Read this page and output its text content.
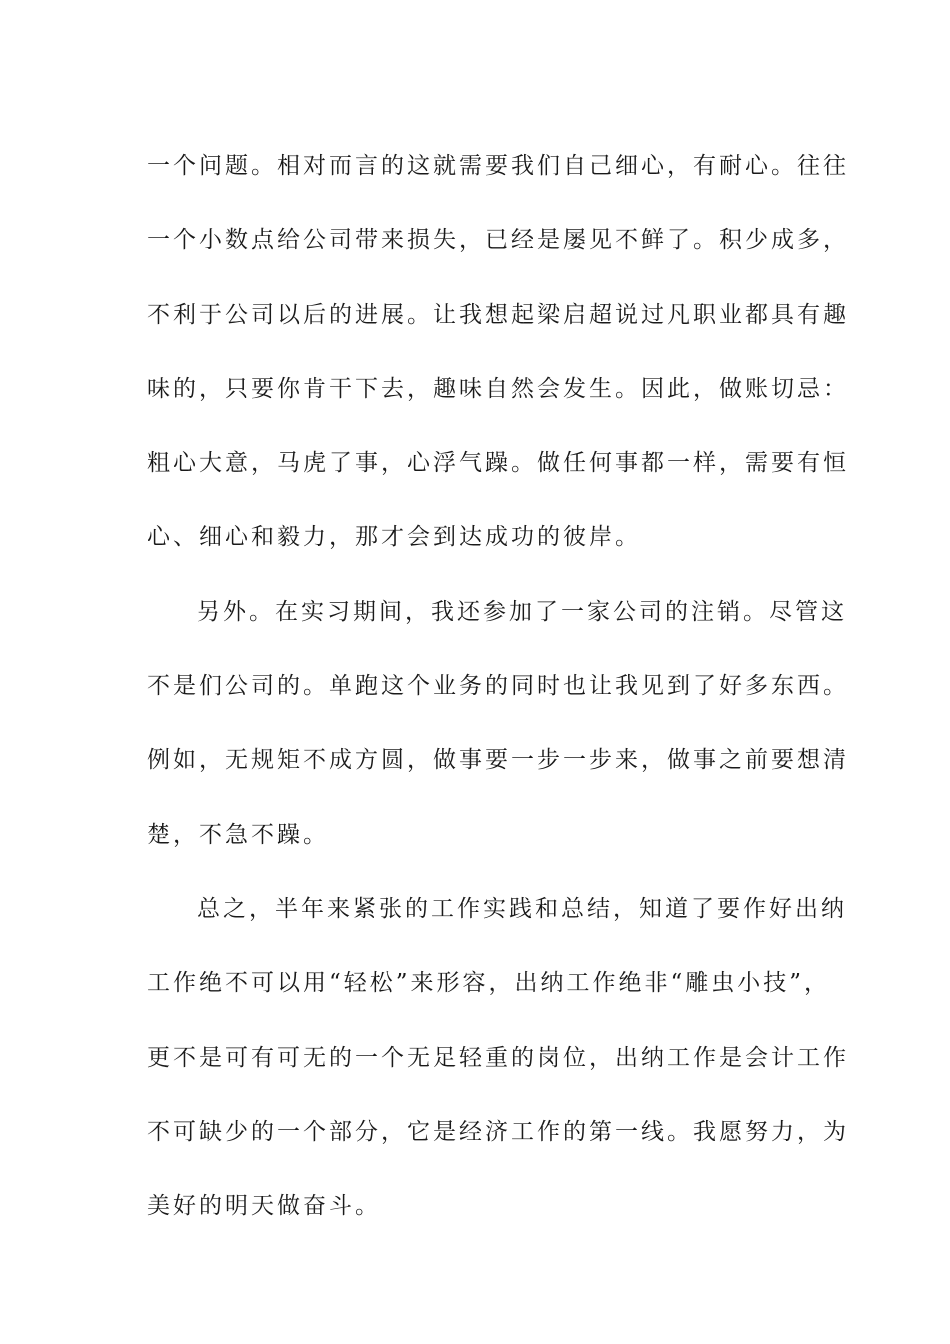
一个问题。相对而言的这就需要我们自己细心，有耐心。往往
一个小数点给公司带来损失，已经是屡见不鲜了。积少成多，
不利于公司以后的进展。让我想起梁启超说过凡职业都具有趣
味的，只要你肯干下去，趣味自然会发生。因此，做账切忌：
粗心大意，马虎了事，心浮气躁。做任何事都一样，需要有恒
心、细心和毅力，那才会到达成功的彼岸。
另外。在实习期间，我还参加了一家公司的注销。尽管这
不是们公司的。单跑这个业务的同时也让我见到了好多东西。
例如，无规矩不成方圆，做事要一步一步来，做事之前要想清
楚，不急不躁。
总之，半年来紧张的工作实践和总结，知道了要作好出纳
工作绝不可以用“轻松”来形容，出纳工作绝非“雕虫小技”，
更不是可有可无的一个无足轻重的岗位，出纳工作是会计工作
不可缺少的一个部分，它是经济工作的第一线。我愿努力，为
美好的明天做奋斗。
